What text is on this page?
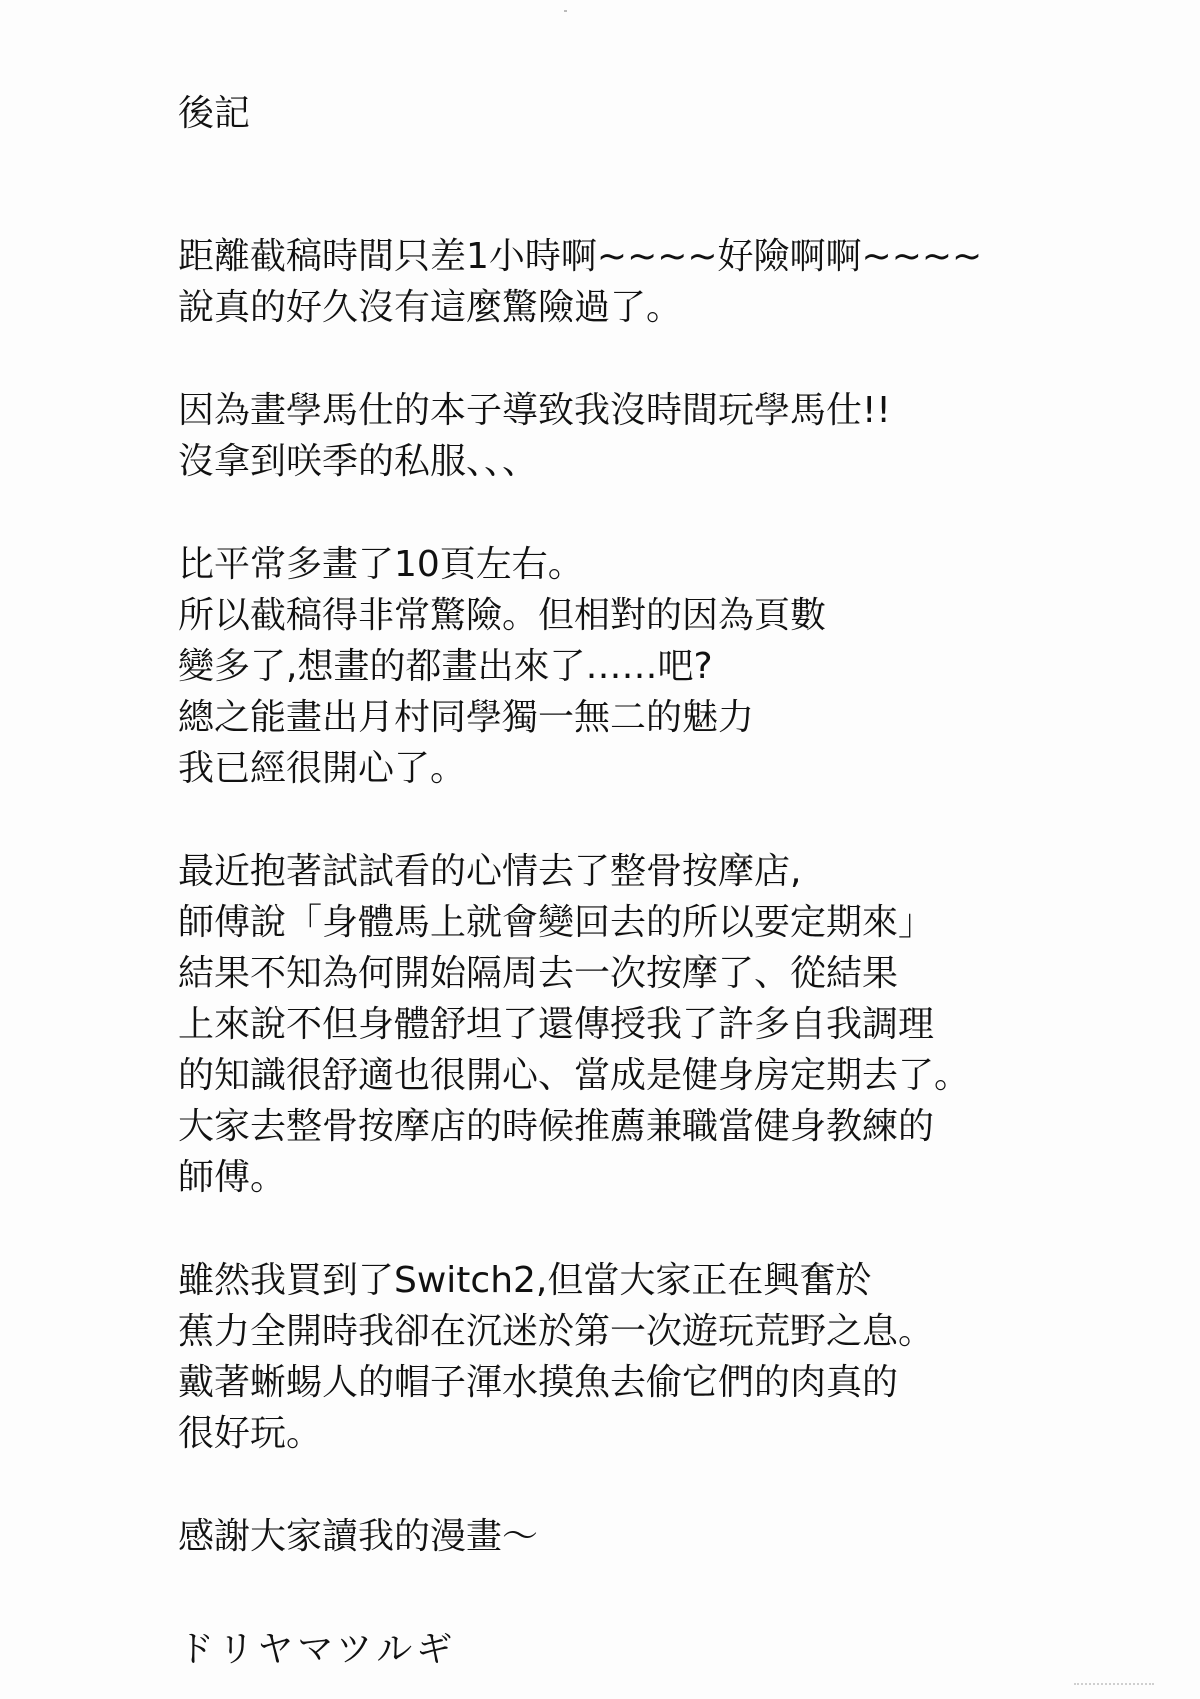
後記

距離截稿時間只差1小時啊~~~~好險啊啊~~~~
說真的好久沒有這麼驚險過了。

因為畫學馬仕的本子導致我沒時間玩學馬仕!!
沒拿到咲季的私服、、、

比平常多畫了10頁左右。
所以截稿得非常驚險。但相對的因為頁數
變多了,想畫的都畫出來了……吧?
總之能畫出月村同學獨一無二的魅力
我已經很開心了。

最近抱著試試看的心情去了整骨按摩店,
師傅說「身體馬上就會變回去的所以要定期來」
結果不知為何開始隔周去一次按摩了、從結果
上來說不但身體舒坦了還傳授我了許多自我調理
的知識很舒適也很開心、當成是健身房定期去了。
大家去整骨按摩店的時候推薦兼職當健身教練的
師傅。

雖然我買到了Switch2,但當大家正在興奮於
蕉力全開時我卻在沉迷於第一次遊玩荒野之息。
戴著蜥蜴人的帽子渾水摸魚去偷它們的肉真的
很好玩。

感謝大家讀我的漫畫〜

ドリヤマツルギ
